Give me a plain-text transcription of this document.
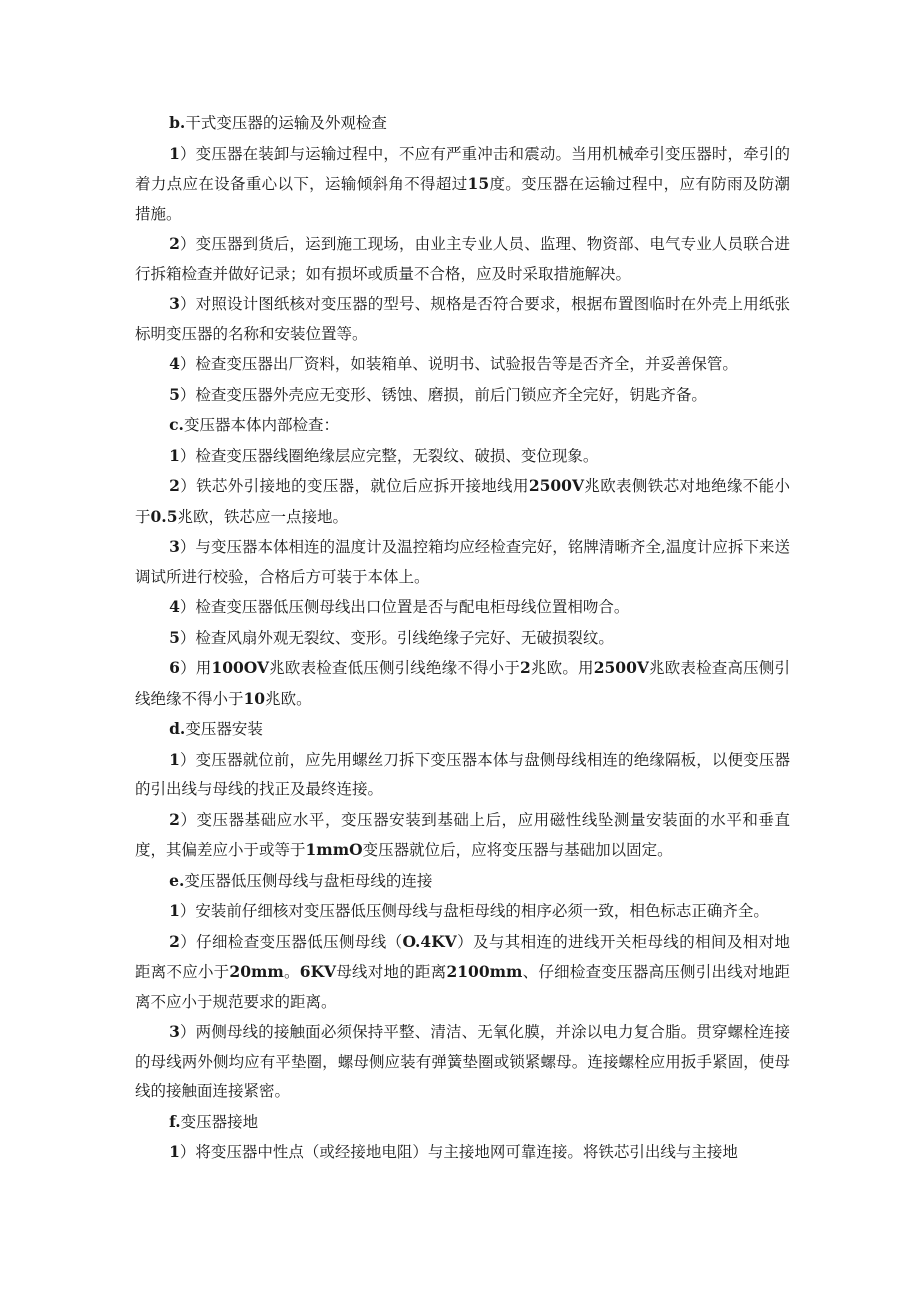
b.干式变压器的运输及外观检查

1）变压器在装卸与运输过程中，不应有严重冲击和震动。当用机械牵引变压器时，牵引的着力点应在设备重心以下，运输倾斜角不得超过15度。变压器在运输过程中，应有防雨及防潮措施。

2）变压器到货后，运到施工现场，由业主专业人员、监理、物资部、电气专业人员联合进行拆箱检查并做好记录；如有损坏或质量不合格，应及时采取措施解决。

3）对照设计图纸核对变压器的型号、规格是否符合要求，根据布置图临时在外壳上用纸张标明变压器的名称和安装位置等。

4）检查变压器出厂资料，如装箱单、说明书、试验报告等是否齐全，并妥善保管。

5）检查变压器外壳应无变形、锈蚀、磨损，前后门锁应齐全完好，钥匙齐备。

c.变压器本体内部检查：

1）检查变压器线圈绝缘层应完整，无裂纹、破损、变位现象。

2）铁芯外引接地的变压器，就位后应拆开接地线用2500V兆欧表侧铁芯对地绝缘不能小于0.5兆欧，铁芯应一点接地。

3）与变压器本体相连的温度计及温控箱均应经检查完好，铭牌清晰齐全,温度计应拆下来送调试所进行校验，合格后方可装于本体上。

4）检查变压器低压侧母线出口位置是否与配电柜母线位置相吻合。

5）检查风扇外观无裂纹、变形。引线绝缘子完好、无破损裂纹。

6）用100OV兆欧表检查低压侧引线绝缘不得小于2兆欧。用2500V兆欧表检查高压侧引线绝缘不得小于10兆欧。

d.变压器安装

1）变压器就位前，应先用螺丝刀拆下变压器本体与盘侧母线相连的绝缘隔板，以便变压器的引出线与母线的找正及最终连接。

2）变压器基础应水平，变压器安装到基础上后，应用磁性线坠测量安装面的水平和垂直度，其偏差应小于或等于1mmO变压器就位后，应将变压器与基础加以固定。

e.变压器低压侧母线与盘柜母线的连接

1）安装前仔细核对变压器低压侧母线与盘柜母线的相序必须一致，相色标志正确齐全。

2）仔细检查变压器低压侧母线（O.4KV）及与其相连的进线开关柜母线的相间及相对地距离不应小于20mm。6KV母线对地的距离2100mm、仔细检查变压器高压侧引出线对地距离不应小于规范要求的距离。

3）两侧母线的接触面必须保持平整、清洁、无氧化膜，并涂以电力复合脂。贯穿螺栓连接的母线两外侧均应有平垫圈，螺母侧应装有弹簧垫圈或锁紧螺母。连接螺栓应用扳手紧固，使母线的接触面连接紧密。

f.变压器接地

1）将变压器中性点（或经接地电阻）与主接地网可靠连接。将铁芯引出线与主接地
